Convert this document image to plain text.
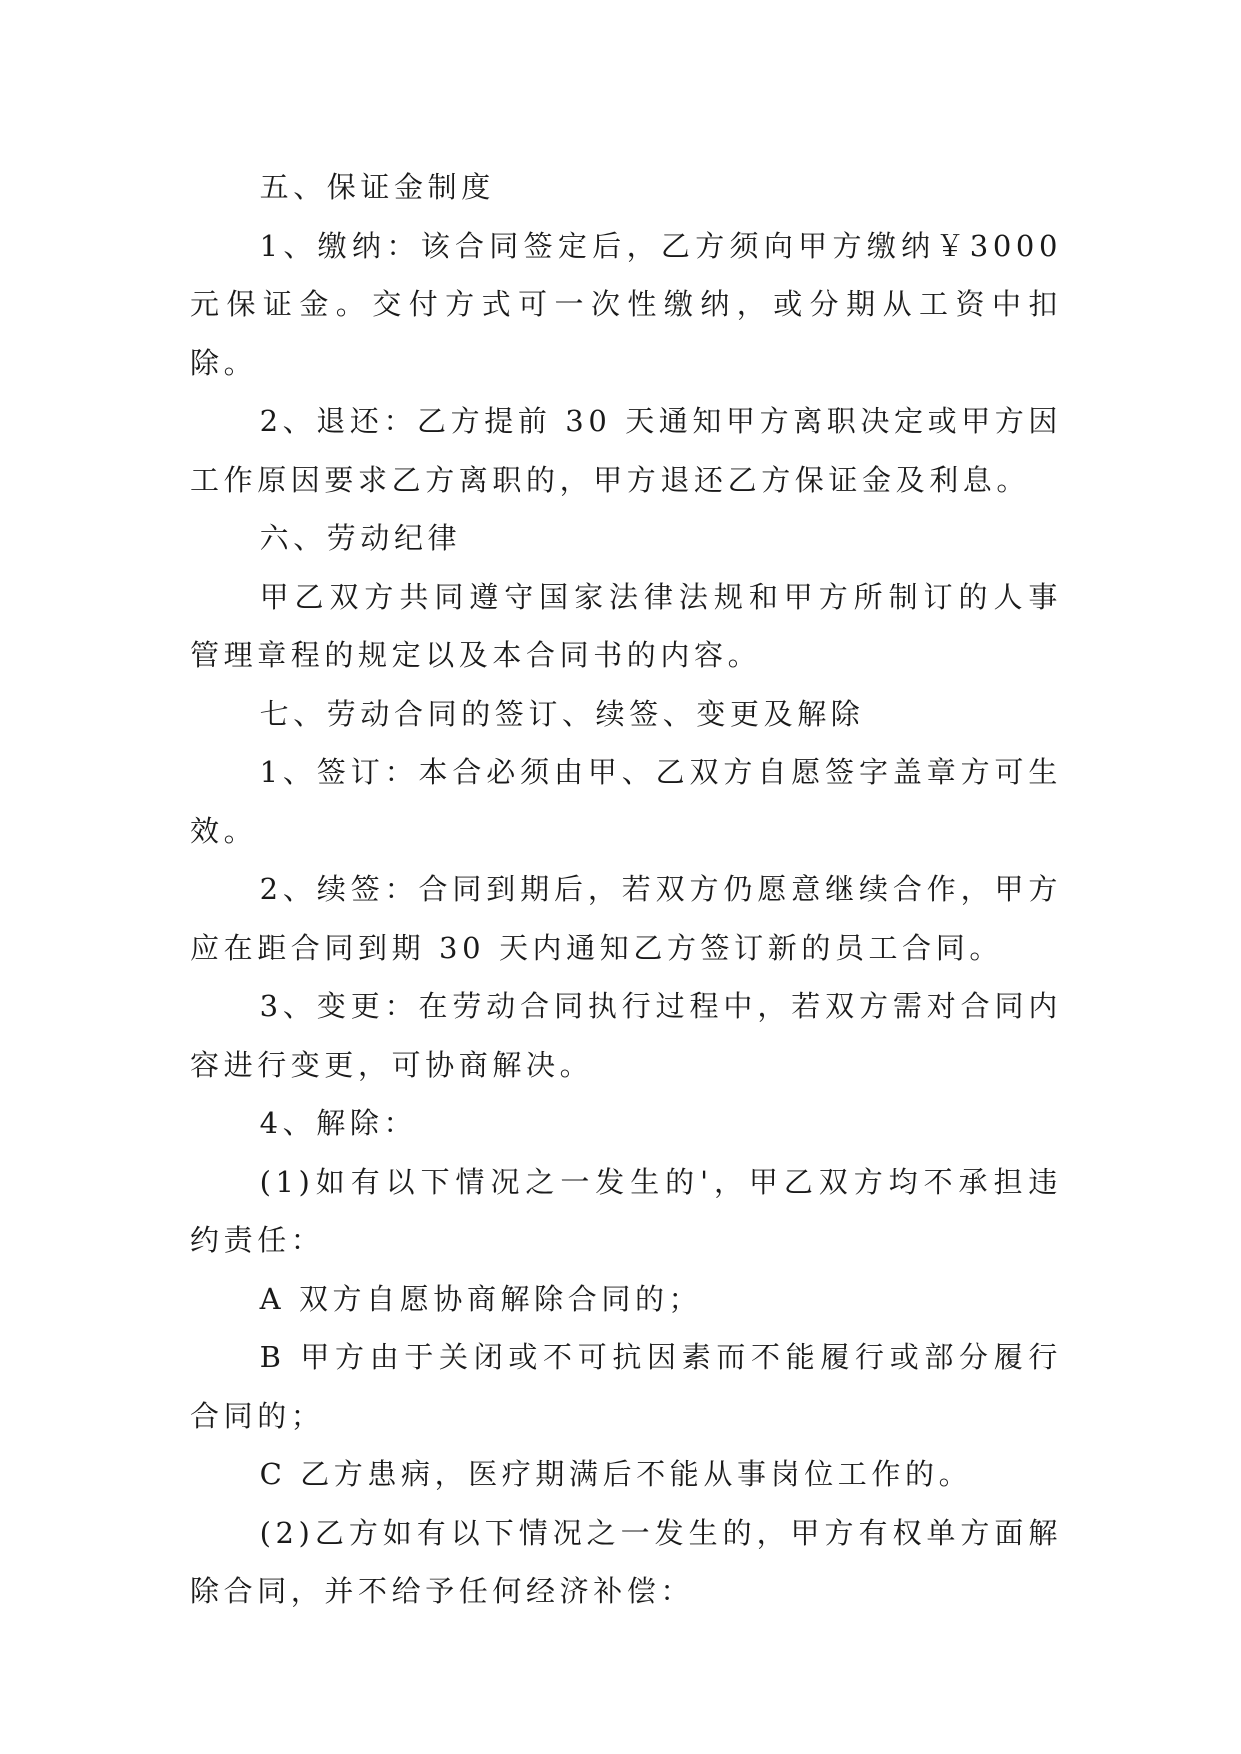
五、保证金制度

1、缴纳：该合同签定后，乙方须向甲方缴纳￥3000 元保证金。交付方式可一次性缴纳，或分期从工资中扣除。

2、退还：乙方提前 30 天通知甲方离职决定或甲方因工作原因要求乙方离职的，甲方退还乙方保证金及利息。

六、劳动纪律

甲乙双方共同遵守国家法律法规和甲方所制订的人事管理章程的规定以及本合同书的内容。

七、劳动合同的签订、续签、变更及解除

1、签订：本合必须由甲、乙双方自愿签字盖章方可生效。

2、续签：合同到期后，若双方仍愿意继续合作，甲方应在距合同到期 30 天内通知乙方签订新的员工合同。

3、变更：在劳动合同执行过程中，若双方需对合同内容进行变更，可协商解决。

4、解除：

(1)如有以下情况之一发生的'，甲乙双方均不承担违约责任：

A 双方自愿协商解除合同的；

B 甲方由于关闭或不可抗因素而不能履行或部分履行合同的；

C 乙方患病，医疗期满后不能从事岗位工作的。

(2)乙方如有以下情况之一发生的，甲方有权单方面解除合同，并不给予任何经济补偿：
